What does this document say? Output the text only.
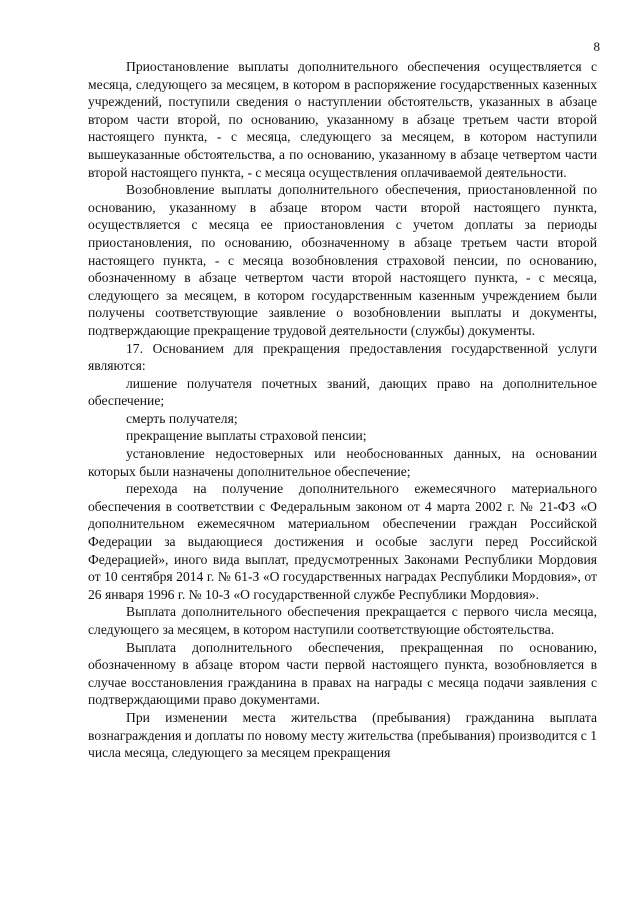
8

Приостановление выплаты дополнительного обеспечения осуществляется с месяца, следующего за месяцем, в котором в распоряжение государственных казенных учреждений, поступили сведения о наступлении обстоятельств, указанных в абзаце втором части второй, по основанию, указанному в абзаце третьем части второй настоящего пункта, - с месяца, следующего за месяцем, в котором наступили вышеуказанные обстоятельства, а по основанию, указанному в абзаце четвертом части второй настоящего пункта, - с месяца осуществления оплачиваемой деятельности.

Возобновление выплаты дополнительного обеспечения, приостановленной по основанию, указанному в абзаце втором части второй настоящего пункта, осуществляется с месяца ее приостановления с учетом доплаты за периоды приостановления, по основанию, обозначенному в абзаце третьем части второй настоящего пункта, - с месяца возобновления страховой пенсии, по основанию, обозначенному в абзаце четвертом части второй настоящего пункта, - с месяца, следующего за месяцем, в котором государственным казенным учреждением были получены соответствующие заявление о возобновлении выплаты и документы, подтверждающие прекращение трудовой деятельности (службы) документы.

17. Основанием для прекращения предоставления государственной услуги являются:

лишение получателя почетных званий, дающих право на дополнительное обеспечение;

смерть получателя;

прекращение выплаты страховой пенсии;

установление недостоверных или необоснованных данных, на основании которых были назначены дополнительное обеспечение;

перехода на получение дополнительного ежемесячного материального обеспечения в соответствии с Федеральным законом от 4 марта 2002 г. № 21-ФЗ «О дополнительном ежемесячном материальном обеспечении граждан Российской Федерации за выдающиеся достижения и особые заслуги перед Российской Федерацией», иного вида выплат, предусмотренных Законами Республики Мордовия от 10 сентября 2014 г. № 61-З «О государственных наградах Республики Мордовия», от 26 января 1996 г. № 10-З «О государственной службе Республики Мордовия».

Выплата дополнительного обеспечения прекращается с первого числа месяца, следующего за месяцем, в котором наступили соответствующие обстоятельства.

Выплата дополнительного обеспечения, прекращенная по основанию, обозначенному в абзаце втором части первой настоящего пункта, возобновляется в случае восстановления гражданина в правах на награды с месяца подачи заявления с подтверждающими право документами.

При изменении места жительства (пребывания) гражданина выплата вознаграждения и доплаты по новому месту жительства (пребывания) производится с 1 числа месяца, следующего за месяцем прекращения
